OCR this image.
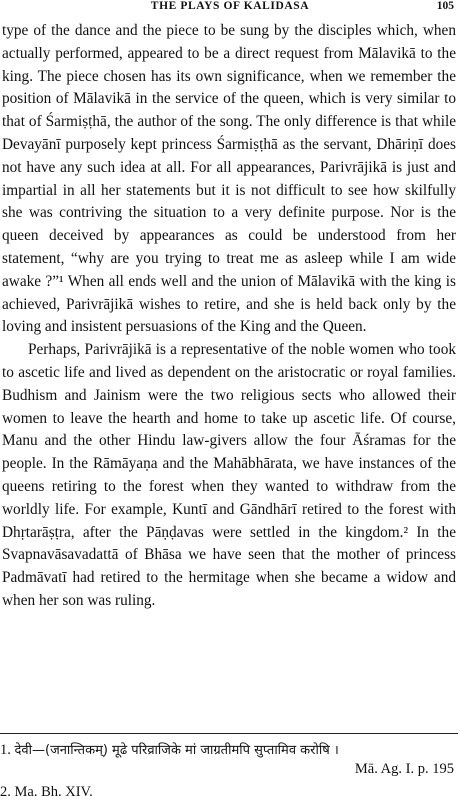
THE PLAYS OF KALIDASA	105

type of the dance and the piece to be sung by the disciples which, when actually performed, appeared to be a direct request from Mālavikā to the king. The piece chosen has its own significance, when we remember the position of Mālavikā in the service of the queen, which is very similar to that of Śarmiṣṭhā, the author of the song. The only difference is that while Devayānī purposely kept princess Śarmiṣṭhā as the servant, Dhāriṇī does not have any such idea at all. For all appearances, Parivrājikā is just and impartial in all her statements but it is not difficult to see how skilfully she was contriving the situation to a very definite purpose. Nor is the queen deceived by appearances as could be understood from her statement, “why are you trying to treat me as asleep while I am wide awake ?”¹ When all ends well and the union of Mālavikā with the king is achieved, Parivrājikā wishes to retire, and she is held back only by the loving and insistent persuasions of the King and the Queen.

Perhaps, Parivrājikā is a representative of the noble women who took to ascetic life and lived as dependent on the aristocratic or royal families. Budhism and Jainism were the two religious sects who allowed their women to leave the hearth and home to take up ascetic life. Of course, Manu and the other Hindu law-givers allow the four Āśramas for the people. In the Rāmāyaṇa and the Mahābhārata, we have instances of the queens retiring to the forest when they wanted to withdraw from the worldly life. For example, Kuntī and Gāndhārī retired to the forest with Dhṛtarāṣṭra, after the Pāṇḍavas were settled in the kingdom.² In the Svapnavāsavadattā of Bhāsa we have seen that the mother of princess Padmāvatī had retired to the hermitage when she became a widow and when her son was ruling.

1. देवी—(जनान्तिकम्) मूढे परिव्राजिके मां जाग्रतीमपि सुप्तामिव करोषि ।
Mā. Ag. I. p. 195
2. Ma. Bh. XIV.
